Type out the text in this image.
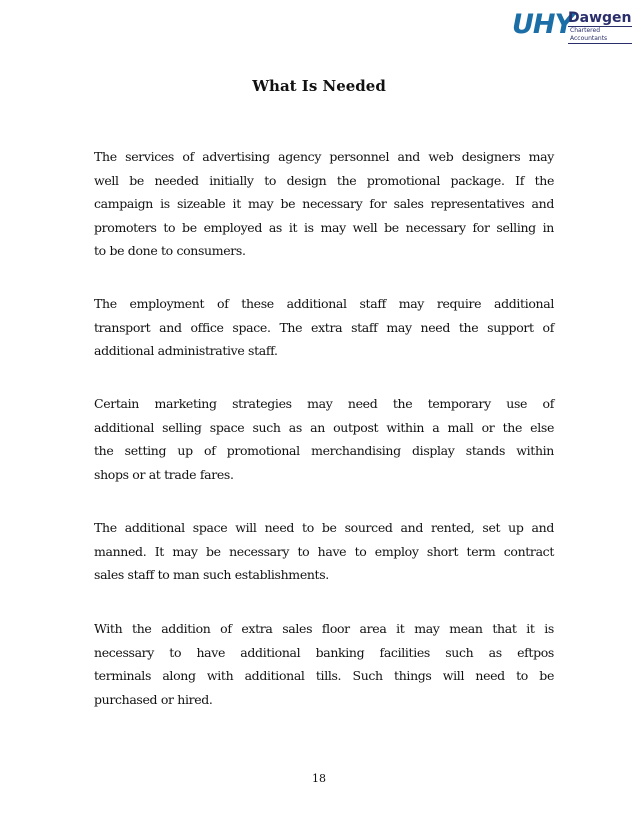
UHY
Dawgen
Chartered Accountants
What Is Needed
The services of advertising agency personnel and web designers may
well be needed initially to design the promotional package. If the
campaign is sizeable it may be necessary for sales representatives and
promoters to be employed as it is may well be necessary for selling in
to be done to consumers.
The employment of these additional staff may require additional
transport and office space. The extra staff may need the support of
additional administrative staff.
Certain marketing strategies may need the temporary use of
additional selling space such as an outpost within a mall or the else
the setting up of promotional merchandising display stands within
shops or at trade fares.
The additional space will need to be sourced and rented, set up and
manned. It may be necessary to have to employ short term contract
sales staff to man such establishments.
With the addition of extra sales floor area it may mean that it is
necessary to have additional banking facilities such as eftpos
terminals along with additional tills. Such things will need to be
purchased or hired.
18
